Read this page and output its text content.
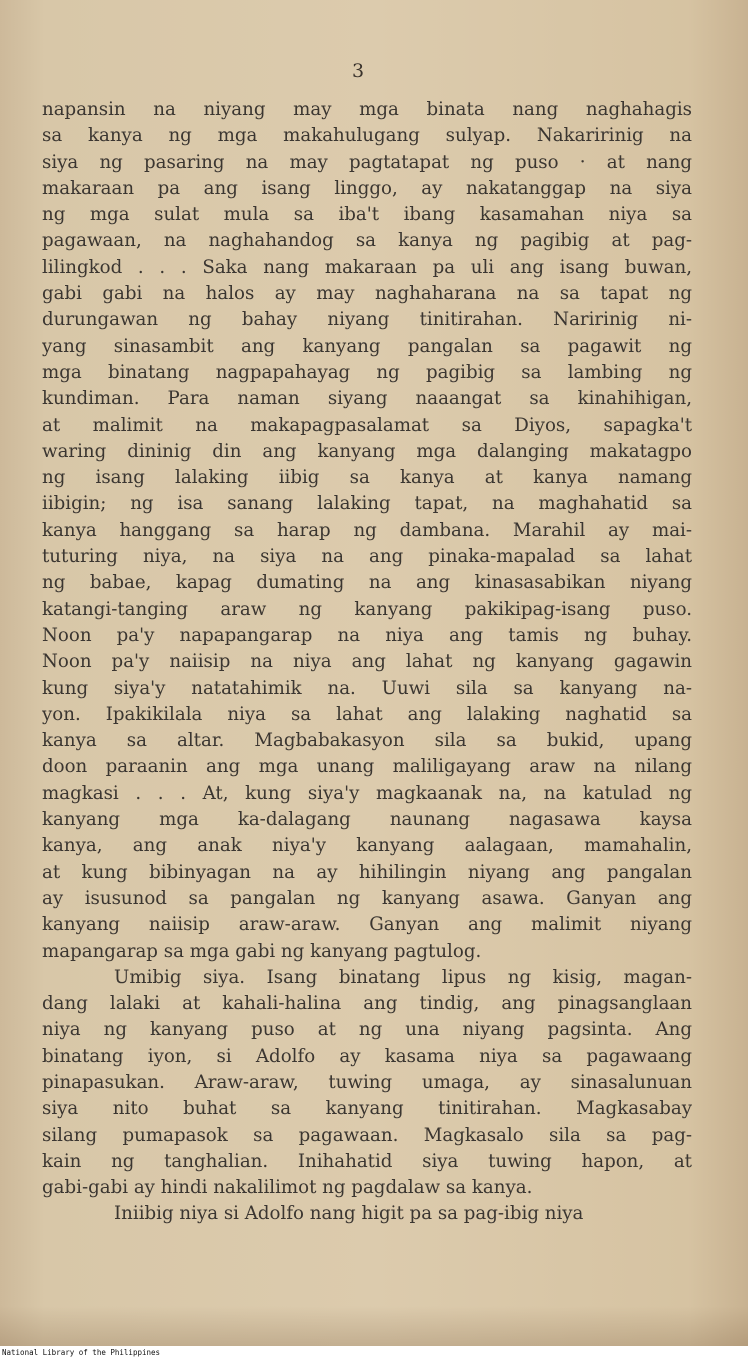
3
napansin na niyang may mga binata nang naghahagis
sa kanya ng mga makahulugang sulyap. Nakaririnig na
siya ng pasaring na may pagtatapat ng puso · at nang
makaraan pa ang isang linggo, ay nakatanggap na siya
ng mga sulat mula sa iba't ibang kasamahan niya sa
pagawaan, na naghahandog sa kanya ng pagibig at pag-
lilingkod . . . Saka nang makaraan pa uli ang isang buwan,
gabi gabi na halos ay may naghaharana na sa tapat ng
durungawan ng bahay niyang tinitirahan. Naririnig ni-
yang sinasambit ang kanyang pangalan sa pagawit ng
mga binatang nagpapahayag ng pagibig sa lambing ng
kundiman. Para naman siyang naaangat sa kinahihigan,
at malimit na makapagpasalamat sa Diyos, sapagka't
waring dininig din ang kanyang mga dalanging makatagpo
ng isang lalaking iibig sa kanya at kanya namang
iibigin; ng isa sanang lalaking tapat, na maghahatid sa
kanya hanggang sa harap ng dambana. Marahil ay mai-
tuturing niya, na siya na ang pinaka-mapalad sa lahat
ng babae, kapag dumating na ang kinasasabikan niyang
katangi-tanging araw ng kanyang pakikipag-isang puso.
Noon pa'y napapangarap na niya ang tamis ng buhay.
Noon pa'y naiisip na niya ang lahat ng kanyang gagawin
kung siya'y natatahimik na. Uuwi sila sa kanyang na-
yon. Ipakikilala niya sa lahat ang lalaking naghatid sa
kanya sa altar. Magbabakasyon sila sa bukid, upang
doon paraanin ang mga unang maliligayang araw na nilang
magkasi . . . At, kung siya'y magkaanak na, na katulad ng
kanyang mga ka-dalagang naunang nagasawa kaysa
kanya, ang anak niya'y kanyang aalagaan, mamahalin,
at kung bibinyagan na ay hihilingin niyang ang pangalan
ay isusunod sa pangalan ng kanyang asawa. Ganyan ang
kanyang naiisip araw-araw. Ganyan ang malimit niyang
mapangarap sa mga gabi ng kanyang pagtulog.
Umibig siya. Isang binatang lipus ng kisig, magan-
dang lalaki at kahali-halina ang tindig, ang pinagsanglaan
niya ng kanyang puso at ng una niyang pagsinta. Ang
binatang iyon, si Adolfo ay kasama niya sa pagawaang
pinapasukan. Araw-araw, tuwing umaga, ay sinasalunuan
siya nito buhat sa kanyang tinitirahan. Magkasabay
silang pumapasok sa pagawaan. Magkasalo sila sa pag-
kain ng tanghalian. Inihahatid siya tuwing hapon, at
gabi-gabi ay hindi nakalilimot ng pagdalaw sa kanya.
Iniibig niya si Adolfo nang higit pa sa pag-ibig niya
National Library of the Philippines
